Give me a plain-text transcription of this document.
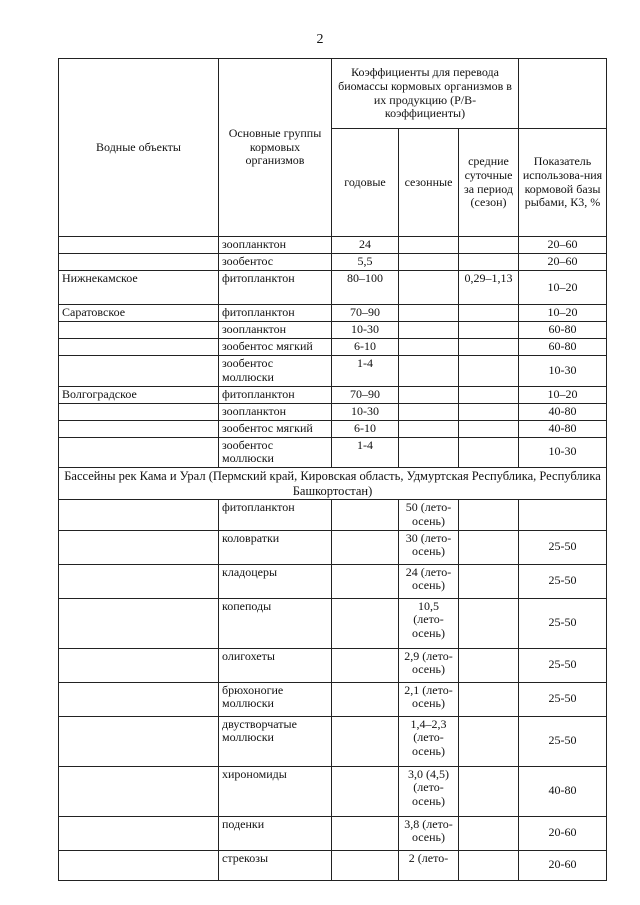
2
Водные объекты	Основные группы кормовых организмов	Коэффициенты для перевода биомассы кормовых организмов в их продукцию (Р/В-коэффициенты)			
		годовые	сезонные	средние суточные за период (сезон)	Показатель использова-ния кормовой базы рыбами, К3, %
	зоопланктон	24			20–60
	зообентос	5,5			20–60
Нижнекамское	фитопланктон	80–100		0,29–1,13	10–20
Саратовское	фитопланктон	70–90			10–20
	зоопланктон	10-30			60-80
	зообентос мягкий	6-10			60-80
	зообентос моллюски	1-4			10-30
Волгоградское	фитопланктон	70–90			10–20
	зоопланктон	10-30			40-80
	зообентос мягкий	6-10			40-80
	зообентос моллюски	1-4			10-30
Бассейны рек Кама и Урал (Пермский край, Кировская область, Удмуртская Республика, Республика Башкортостан)					
	фитопланктон		50 (лето-осень)		
	коловратки		30 (лето-осень)		25-50
	кладоцеры		24 (лето-осень)		25-50
	копеподы		10,5 (лето-осень)		25-50
	олигохеты		2,9 (лето-осень)		25-50
	брюхоногие моллюски		2,1 (лето-осень)		25-50
	двустворчатые моллюски		1,4–2,3 (лето-осень)		25-50
	хирономиды		3,0 (4,5) (лето-осень)		40-80
	поденки		3,8 (лето-осень)		20-60
	стрекозы		2 (лето-		20-60
